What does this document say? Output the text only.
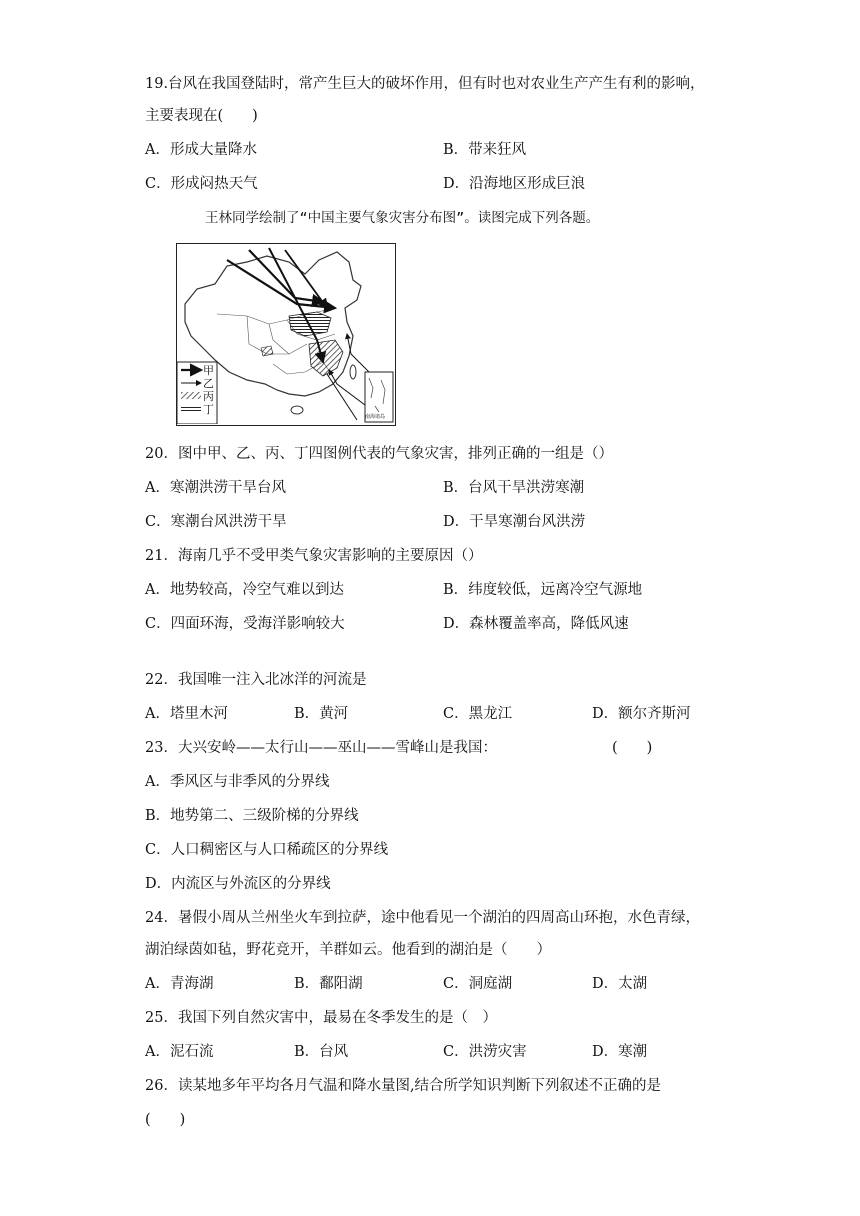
19.台风在我国登陆时，常产生巨大的破坏作用，但有时也对农业生产产生有利的影响，
主要表现在(　　)
A．形成大量降水	B．带来狂风
C．形成闷热天气	D．沿海地区形成巨浪
王林同学绘制了“中国主要气象灾害分布图”。读图完成下列各题。
甲
乙
丙
丁
南海诸岛
20．图中甲、乙、丙、丁四图例代表的气象灾害，排列正确的一组是（）
A．寒潮洪涝干旱台风	B．台风干旱洪涝寒潮
C．寒潮台风洪涝干旱	D．干旱寒潮台风洪涝
21．海南几乎不受甲类气象灾害影响的主要原因（）
A．地势较高，冷空气难以到达	B．纬度较低，远离冷空气源地
C．四面环海，受海洋影响较大	D．森林覆盖率高，降低风速
22．我国唯一注入北冰洋的河流是
A．塔里木河	B．黄河	C．黑龙江	D．额尔齐斯河
23．大兴安岭——太行山——巫山——雪峰山是我国：	(　　)
A．季风区与非季风的分界线
B．地势第二、三级阶梯的分界线
C．人口稠密区与人口稀疏区的分界线
D．内流区与外流区的分界线
24．暑假小周从兰州坐火车到拉萨，途中他看见一个湖泊的四周高山环抱，水色青绿，
湖泊绿茵如毡，野花竞开，羊群如云。他看到的湖泊是（　　）
A．青海湖	B．鄱阳湖	C．洞庭湖	D．太湖
25．我国下列自然灾害中，最易在冬季发生的是（　）
A．泥石流	B．台风	C．洪涝灾害	D．寒潮
26．读某地多年平均各月气温和降水量图,结合所学知识判断下列叙述不正确的是
(　　)
